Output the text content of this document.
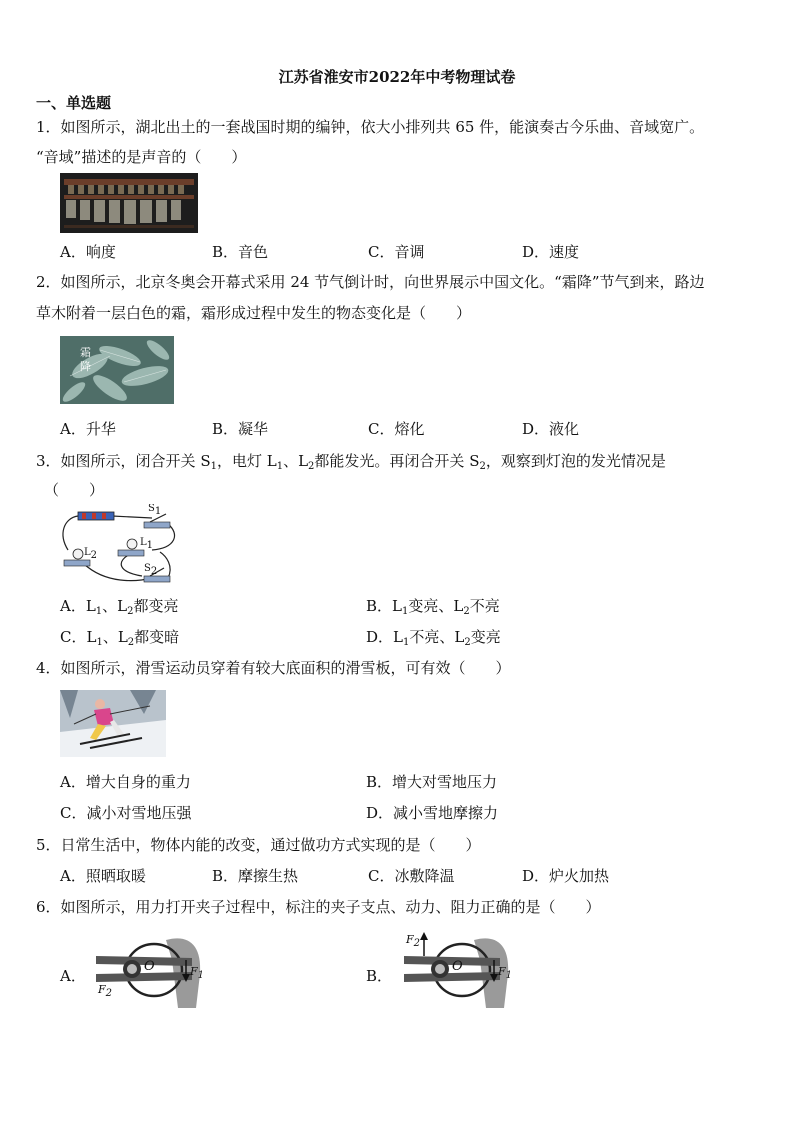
江苏省淮安市2022年中考物理试卷
一、单选题
1．如图所示，湖北出土的一套战国时期的编钟，依大小排列共 65 件，能演奏古今乐曲、音域宽广。
“音域”描述的是声音的（　　）
A．响度	B．音色	C．音调	D．速度
2．如图所示，北京冬奥会开幕式采用 24 节气倒计时，向世界展示中国文化。“霜降”节气到来，路边
草木附着一层白色的霜，霜形成过程中发生的物态变化是（　　）
霜降
A．升华	B．凝华	C．熔化	D．液化
3．如图所示，闭合开关 $S_1$，电灯 $L_1$、$L_2$都能发光。再闭合开关 $S_2$，观察到灯泡的发光情况是
（　　）
$S_1$
$L_1$
$L_2$
$S_2$
A．$L_1$、$L_2$都变亮	B．$L_1$变亮、$L_2$不亮
C．$L_1$、$L_2$都变暗	D．$L_1$不亮、$L_2$变亮
4．如图所示，滑雪运动员穿着有较大底面积的滑雪板，可有效（　　）
A．增大自身的重力	B．增大对雪地压力
C．减小对雪地压强	D．减小雪地摩擦力
5．日常生活中，物体内能的改变，通过做功方式实现的是（　　）
A．照晒取暖	B．摩擦生热	C．冰敷降温	D．炉火加热
6．如图所示，用力打开夹子过程中，标注的夹子支点、动力、阻力正确的是（　　）
A．
O	$F_1$
$F_2$
B．
O	$F_1$
$F_2$
